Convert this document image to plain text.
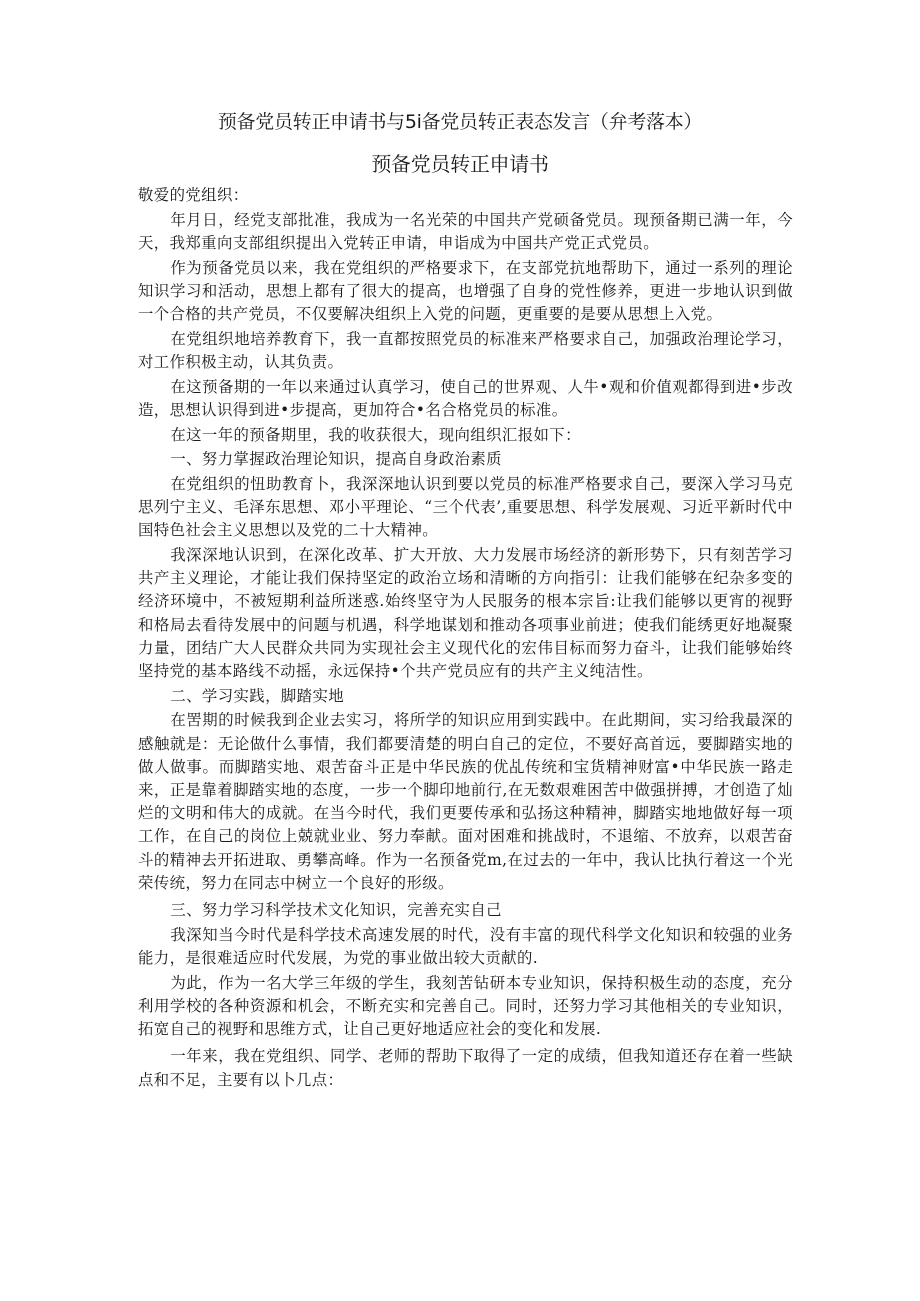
预备党员转正申请书与5i备党员转正表态发言（弁考落本）
预备党员转正申请书

敬爱的党组织：

年月日，经党支部批准，我成为一名光荣的中国共产党硕备党员。现预备期已满一年，今天，我郑重向支部组织提出入党转正申请，申诣成为中国共产党正式党员。

作为预备党员以来，我在党组织的严格要求下，在支部党抗地帮助下，通过一系列的理论知识学习和活动，思想上都有了很大的提高，也增强了自身的党性修养，更进一步地认识到做一个合格的共产党员，不仅要解决组织上入党的问题，更重要的是要从思想上入党。

在党组织地培养教育下，我一直都按照党员的标准来严格要求自己，加强政治理论学习，对工作积极主动，认其负责。

在这预备期的一年以来通过认真学习，使自己的世界观、人牛•观和价值观都得到进•步改造，思想认识得到进•步提高，更加符合•名合格党员的标准。

在这一年的预备期里，我的收获很大，现向组织汇报如下：

一、努力掌握政治理论知识，提高自身政治素质

在党组织的忸助教育卜，我深深地认识到要以党员的标准严格要求自己，要深入学习马克思列宁主义、毛泽东思想、邓小平理论、“三个代表’,重要思想、科学发展观、习近平新时代中国特色社会主义思想以及党的二十大精神。

我深深地认识到，在深化改革、扩大开放、大力发展市场经济的新形势下，只有刻苦学习共产主义理论，才能让我们保持坚定的政治立场和清晰的方向指引：让我们能够在纪杂多变的经济环境中，不被短期利益所迷惑.始终坚守为人民服务的根本宗旨:让我们能够以更宵的视野和格局去看待发展中的问题与机遇，科学地谋划和推动各项事业前进；使我们能绣更好地凝聚力量，团结广大人民群众共同为实现社会主义现代化的宏伟目标而努力奋斗，让我们能够始终坚持党的基本路线不动摇，永远保持•个共产党员应有的共产主义纯洁性。

二、学习实践，脚踏实地

在罟期的时候我到企业去实习，将所学的知识应用到实践中。在此期间，实习给我最深的感触就是：无论做什么事情，我们都要清楚的明白自己的定位，不要好高首远，要脚踏实地的做人做事。而脚踏实地、艰苦奋斗正是中华民族的优乩传统和宝货精神财富•中华民族一路走来，正是靠着脚踏实地的态度，一步一个脚印地前行,在无数艰难困苦中做强拼搏，才创造了灿烂的文明和伟大的成就。在当今时代，我们更要传承和弘扬这种精神，脚踏实地地做好每一项工作，在自己的岗位上兢就业业、努力奉献。面对困难和挑战时，不退缩、不放弃，以艰苦奋斗的精神去开拓进取、勇攀高峰。作为一名预备党m,在过去的一年中，我认比执行着这一个光荣传统，努力在同志中树立一个良好的形级。

三、努力学习科学技术文化知识，完善充实自己

我深知当今时代是科学技术高速发展的时代，没有丰富的现代科学文化知识和较强的业务能力，是很难适应时代发展，为党的事业做出较大贡献的.

为此，作为一名大学三年级的学生，我刻苦钻研本专业知识，保持积极生动的态度，充分利用学校的各种资源和机会，不断充实和完善自己。同时，还努力学习其他相关的专业知识，拓宽自己的视野和思维方式，让自己更好地适应社会的变化和发展.

一年来，我在党组织、同学、老师的帮助下取得了一定的成绩，但我知道还存在着一些缺点和不足，主要有以卜几点：
